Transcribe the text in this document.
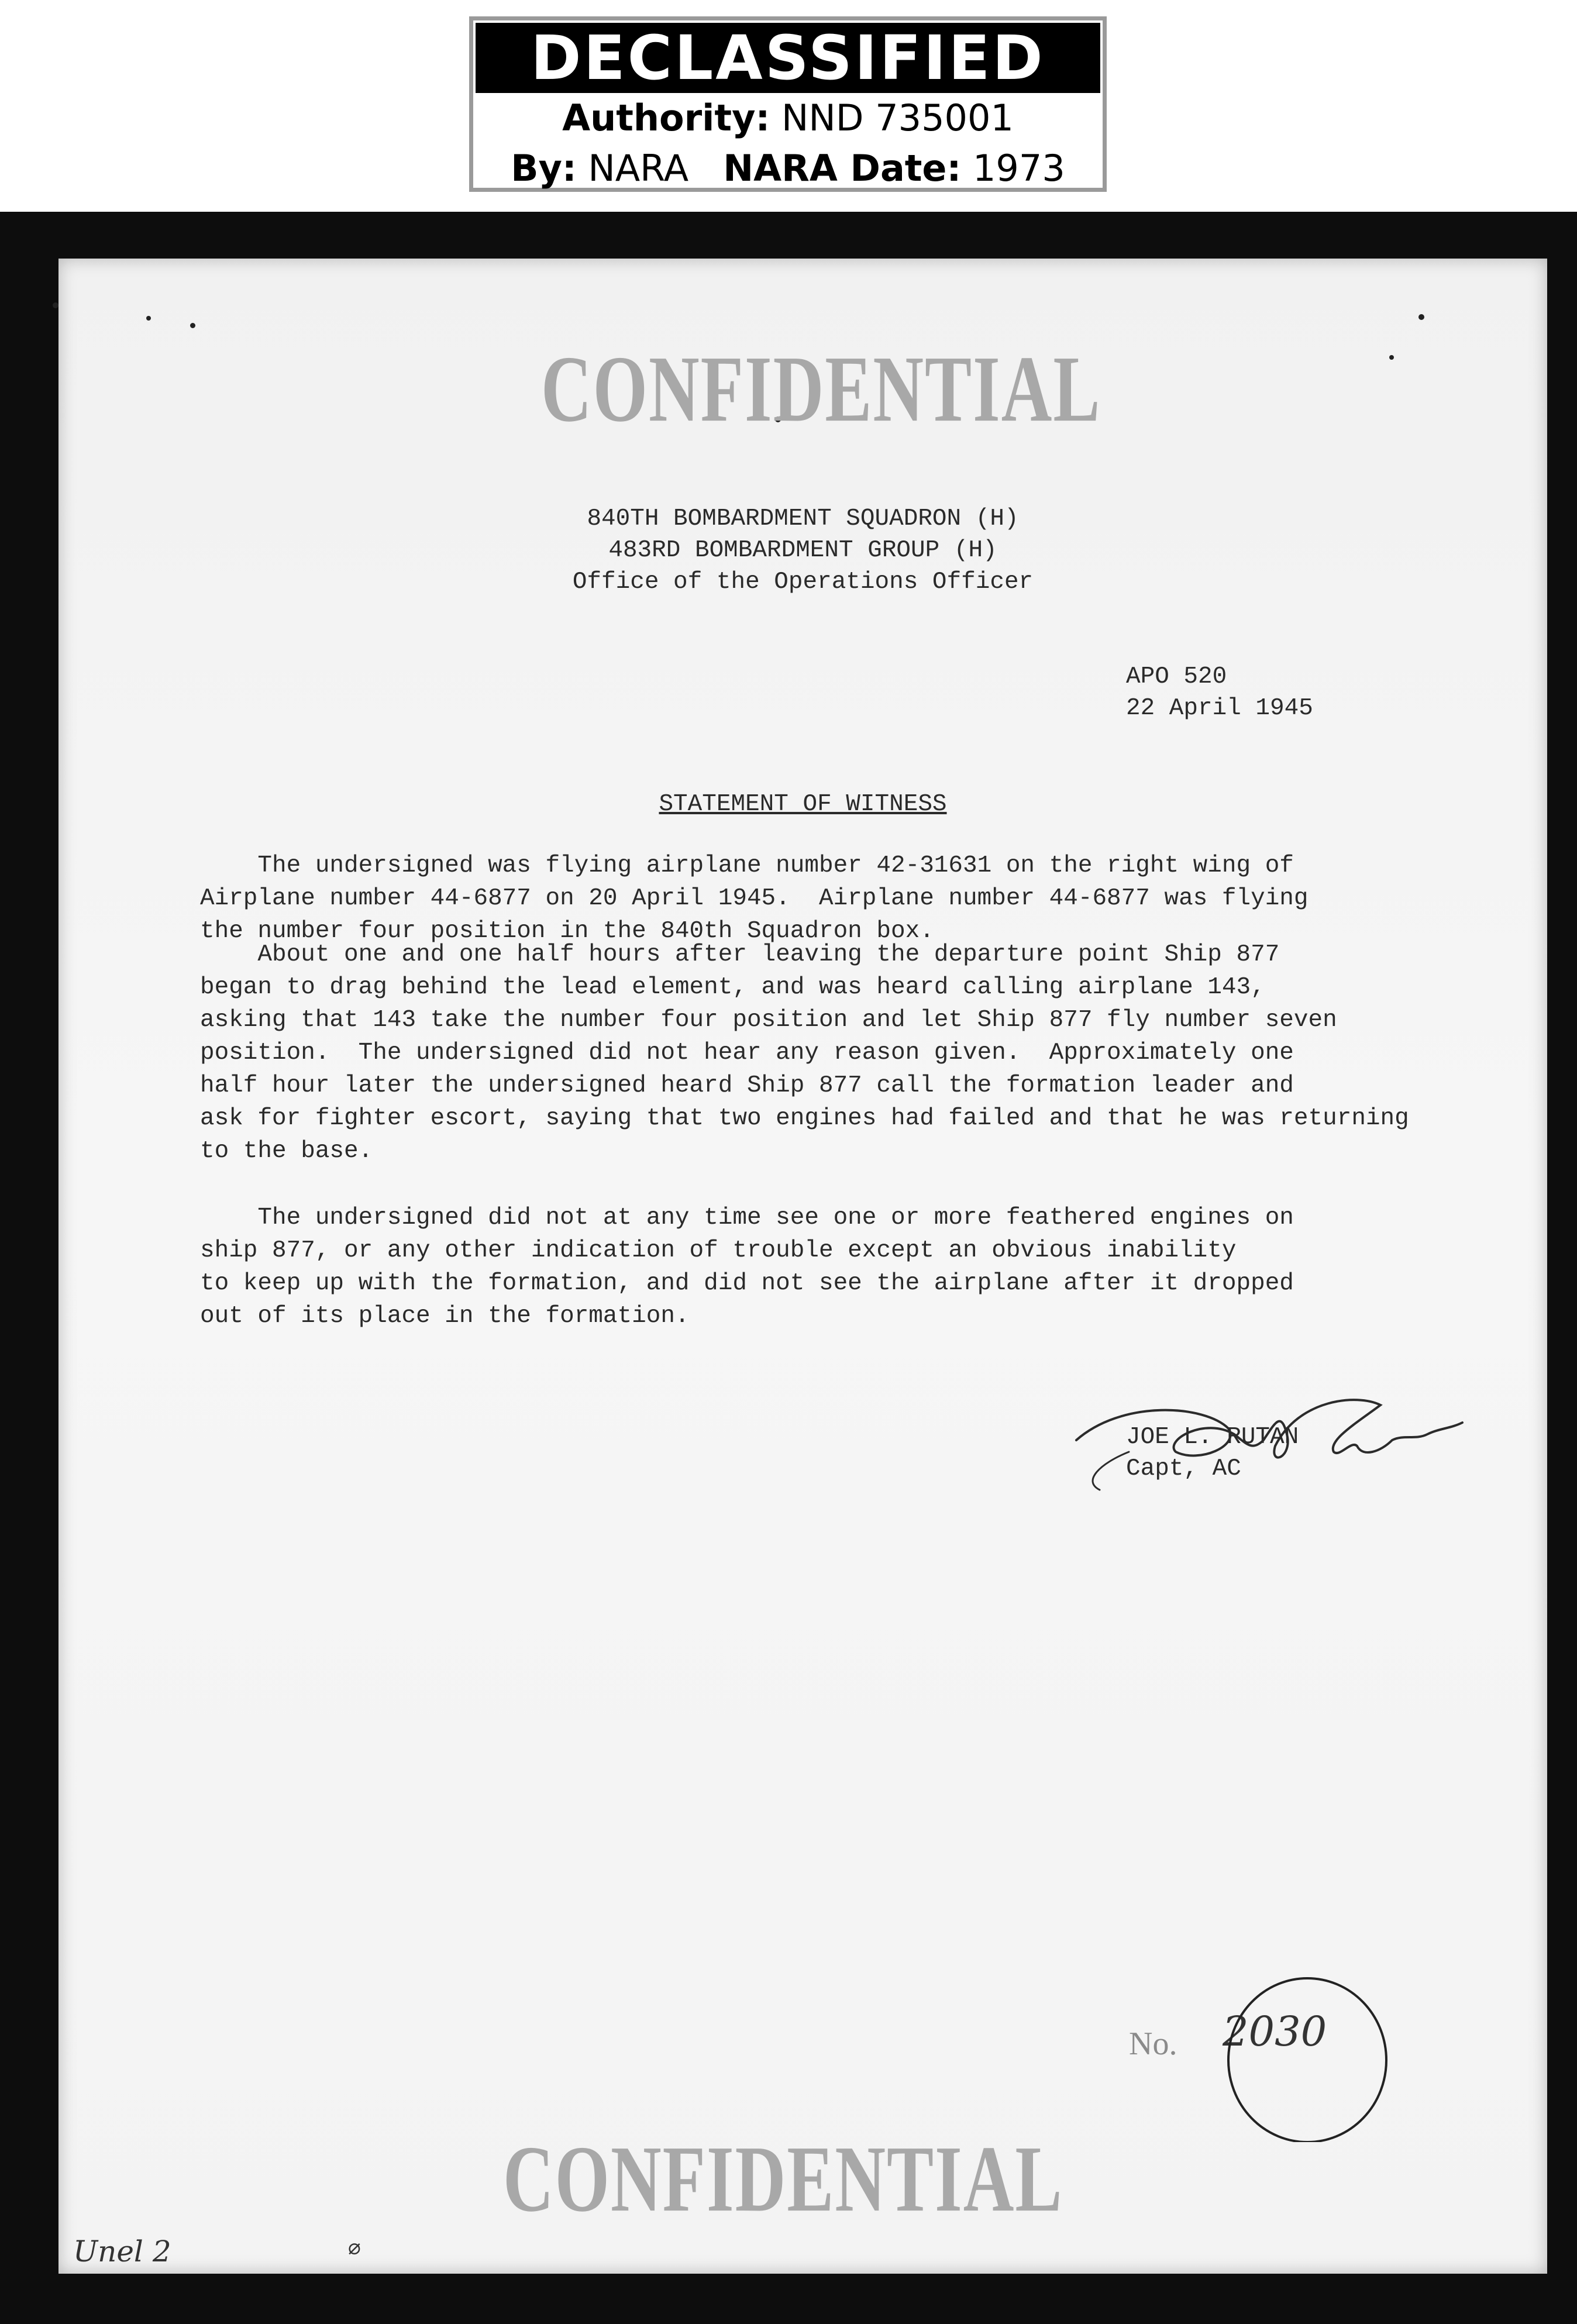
DECLASSIFIED
Authority: NND 735001
By: NARA NARA Date: 1973
CONFIDENTIAL
840TH BOMBARDMENT SQUADRON (H)
483RD BOMBARDMENT GROUP (H)
Office of the Operations Officer
APO 520
22 April 1945
STATEMENT OF WITNESS
The undersigned was flying airplane number 42-31631 on the right wing of
Airplane number 44-6877 on 20 April 1945.  Airplane number 44-6877 was flying
the number four position in the 840th Squadron box.
About one and one half hours after leaving the departure point Ship 877
began to drag behind the lead element, and was heard calling airplane 143,
asking that 143 take the number four position and let Ship 877 fly number seven
position.  The undersigned did not hear any reason given.  Approximately one
half hour later the undersigned heard Ship 877 call the formation leader and
ask for fighter escort, saying that two engines had failed and that he was returning
to the base.
The undersigned did not at any time see one or more feathered engines on
ship 877, or any other indication of trouble except an obvious inability
to keep up with the formation, and did not see the airplane after it dropped
out of its place in the formation.
JOE L. RUTAN
Capt, AC
No. 2030
CONFIDENTIAL
Unel 2	⌀
